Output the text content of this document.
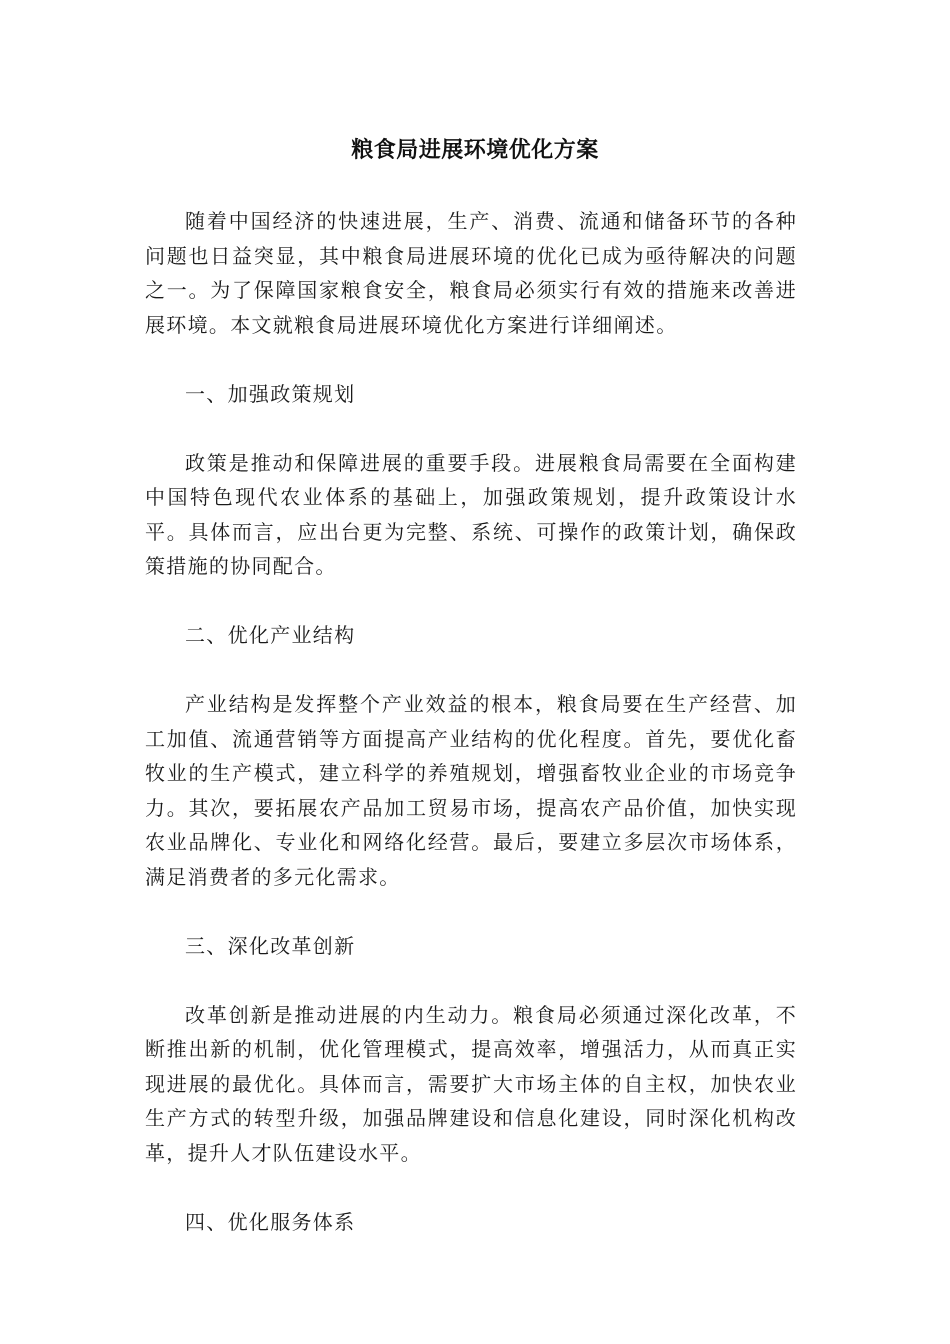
粮食局进展环境优化方案

随着中国经济的快速进展，生产、消费、流通和储备环节的各种问题也日益突显，其中粮食局进展环境的优化已成为亟待解决的问题之一。为了保障国家粮食安全，粮食局必须实行有效的措施来改善进展环境。本文就粮食局进展环境优化方案进行详细阐述。

一、加强政策规划

政策是推动和保障进展的重要手段。进展粮食局需要在全面构建中国特色现代农业体系的基础上，加强政策规划，提升政策设计水平。具体而言，应出台更为完整、系统、可操作的政策计划，确保政策措施的协同配合。

二、优化产业结构

产业结构是发挥整个产业效益的根本，粮食局要在生产经营、加工加值、流通营销等方面提高产业结构的优化程度。首先，要优化畜牧业的生产模式，建立科学的养殖规划，增强畜牧业企业的市场竞争力。其次，要拓展农产品加工贸易市场，提高农产品价值，加快实现农业品牌化、专业化和网络化经营。最后，要建立多层次市场体系，满足消费者的多元化需求。

三、深化改革创新

改革创新是推动进展的内生动力。粮食局必须通过深化改革，不断推出新的机制，优化管理模式，提高效率，增强活力，从而真正实现进展的最优化。具体而言，需要扩大市场主体的自主权，加快农业生产方式的转型升级，加强品牌建设和信息化建设，同时深化机构改革，提升人才队伍建设水平。

四、优化服务体系
